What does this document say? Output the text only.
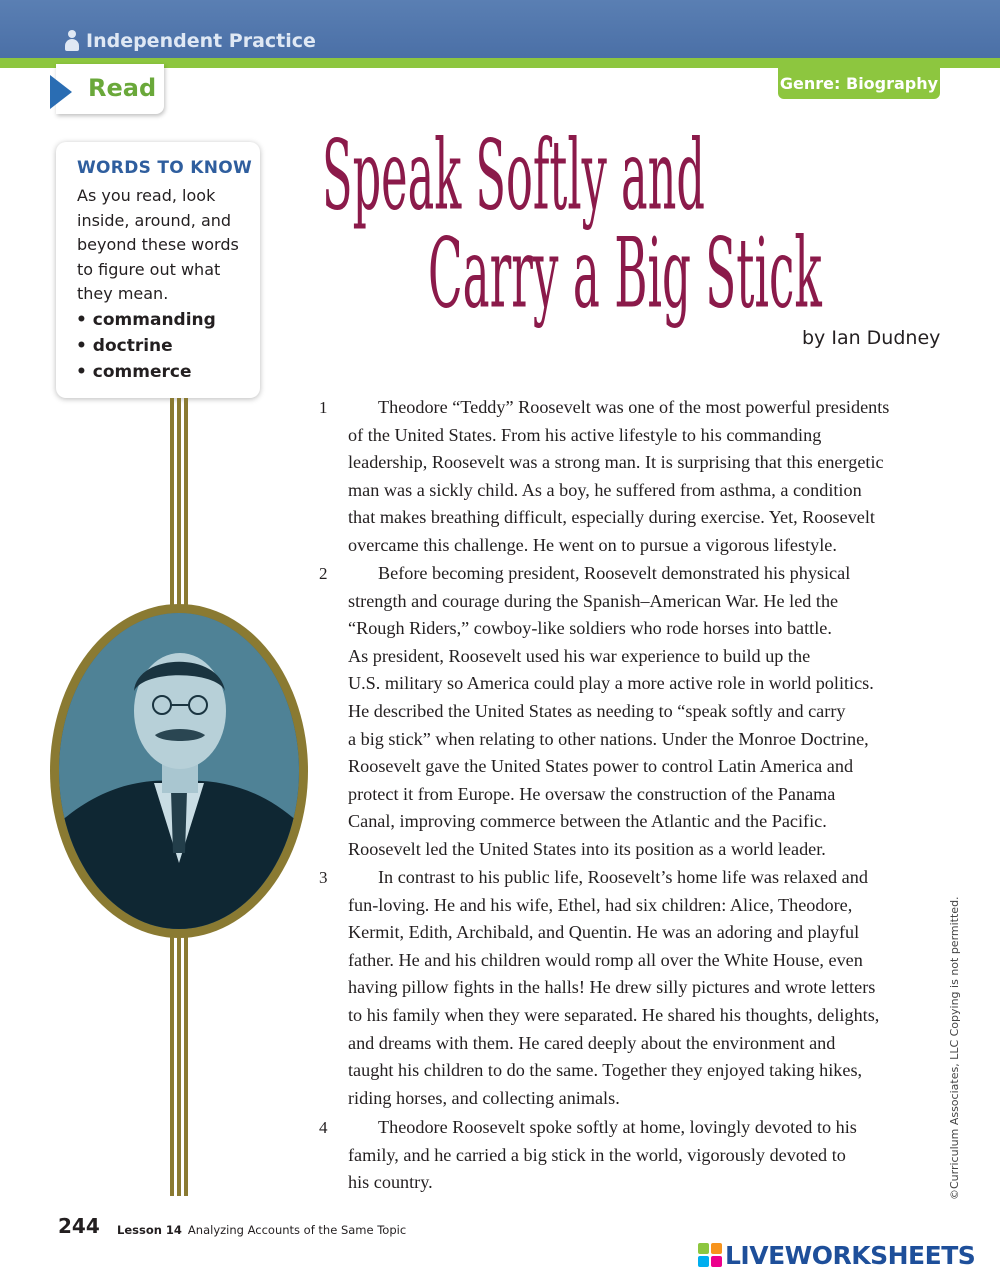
Independent Practice
Read	Genre: Biography
Speak Softly and
Carry a Big Stick
by Ian Dudney
WORDS TO KNOW
As you read, look
inside, around, and
beyond these words
to figure out what
they mean.
• commanding
• doctrine
• commerce
1	Theodore “Teddy” Roosevelt was one of the most powerful presidents
of the United States. From his active lifestyle to his commanding
leadership, Roosevelt was a strong man. It is surprising that this energetic
man was a sickly child. As a boy, he suffered from asthma, a condition
that makes breathing difficult, especially during exercise. Yet, Roosevelt
overcame this challenge. He went on to pursue a vigorous lifestyle.
2	Before becoming president, Roosevelt demonstrated his physical
strength and courage during the Spanish–American War. He led the
“Rough Riders,” cowboy-like soldiers who rode horses into battle.
As president, Roosevelt used his war experience to build up the
U.S. military so America could play a more active role in world politics.
He described the United States as needing to “speak softly and carry
a big stick” when relating to other nations. Under the Monroe Doctrine,
Roosevelt gave the United States power to control Latin America and
protect it from Europe. He oversaw the construction of the Panama
Canal, improving commerce between the Atlantic and the Pacific.
Roosevelt led the United States into its position as a world leader.
3	In contrast to his public life, Roosevelt’s home life was relaxed and
fun-loving. He and his wife, Ethel, had six children: Alice, Theodore,
Kermit, Edith, Archibald, and Quentin. He was an adoring and playful
father. He and his children would romp all over the White House, even
having pillow fights in the halls! He drew silly pictures and wrote letters
to his family when they were separated. He shared his thoughts, delights,
and dreams with them. He cared deeply about the environment and
taught his children to do the same. Together they enjoyed taking hikes,
riding horses, and collecting animals.
4	Theodore Roosevelt spoke softly at home, lovingly devoted to his
family, and he carried a big stick in the world, vigorously devoted to
his country.	©Curriculum Associates, LLC Copying is not permitted.
244 Lesson 14 Analyzing Accounts of the Same Topic
LIVEWORKSHEETS
